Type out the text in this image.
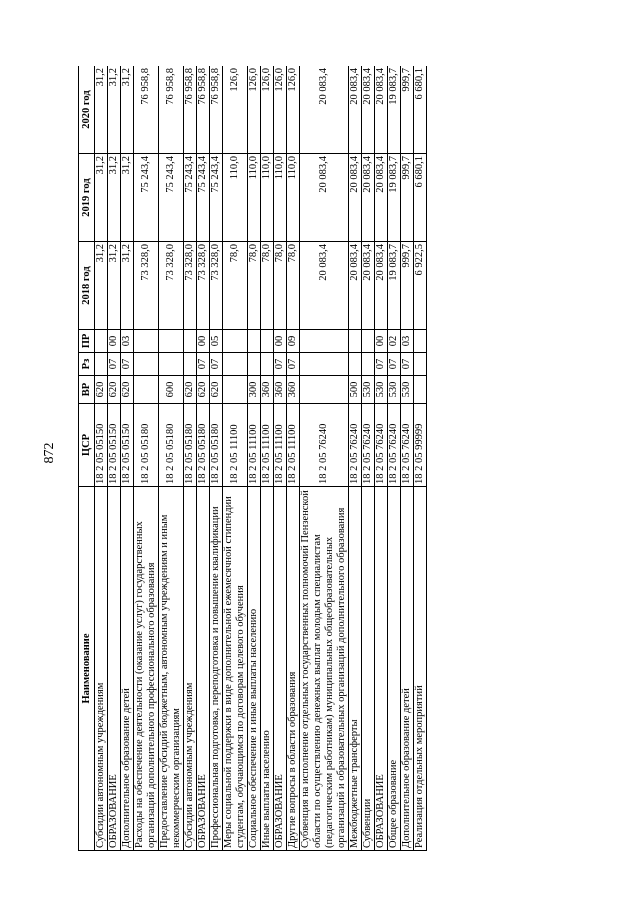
872
Наименование	ЦСР	ВР	Рз	ПР	2018 год	2019 год	2020 год
Субсидии автономным учреждениям	18 2 05 05150	620			31,2	31,2	31,2
ОБРАЗОВАНИЕ	18 2 05 05150	620	07	00	31,2	31,2	31,2
Дополнительное образование детей	18 2 05 05150	620	07	03	31,2	31,2	31,2
Расходы на обеспечение деятельности (оказание услуг) государственных организаций дополнительного профессионального образования	18 2 05 05180				73 328,0	75 243,4	76 958,8
Предоставление субсидий бюджетным, автономным учреждениям и иным некоммерческим организациям	18 2 05 05180	600			73 328,0	75 243,4	76 958,8
Субсидии автономным учреждениям	18 2 05 05180	620			73 328,0	75 243,4	76 958,8
ОБРАЗОВАНИЕ	18 2 05 05180	620	07	00	73 328,0	75 243,4	76 958,8
Профессиональная подготовка, переподготовка и повышение квалификации	18 2 05 05180	620	07	05	73 328,0	75 243,4	76 958,8
Меры социальной поддержки в виде дополнительной ежемесячной стипендии студентам, обучающимся по договорам целевого обучения	18 2 05 11100				78,0	110,0	126,0
Социальное обеспечение и иные выплаты населению	18 2 05 11100	300			78,0	110,0	126,0
Иные выплаты населению	18 2 05 11100	360			78,0	110,0	126,0
ОБРАЗОВАНИЕ	18 2 05 11100	360	07	00	78,0	110,0	126,0
Другие вопросы в области образования	18 2 05 11100	360	07	09	78,0	110,0	126,0
Субвенция на исполнение отдельных государственных полномочий Пензенской области по осуществлению денежных выплат молодым специалистам (педагогическим работникам) муниципальных общеобразовательных организаций и образовательных организаций дополнительного образования	18 2 05 76240				20 083,4	20 083,4	20 083,4
Межбюджетные трансферты	18 2 05 76240	500			20 083,4	20 083,4	20 083,4
Субвенции	18 2 05 76240	530			20 083,4	20 083,4	20 083,4
ОБРАЗОВАНИЕ	18 2 05 76240	530	07	00	20 083,4	20 083,4	20 083,4
Общее образование	18 2 05 76240	530	07	02	19 083,7	19 083,7	19 083,7
Дополнительное образование детей	18 2 05 76240	530	07	03	999,7	999,7	999,7
Реализация отдельных мероприятий	18 2 05 99999				6 922,5	6 680,1	6 680,1
